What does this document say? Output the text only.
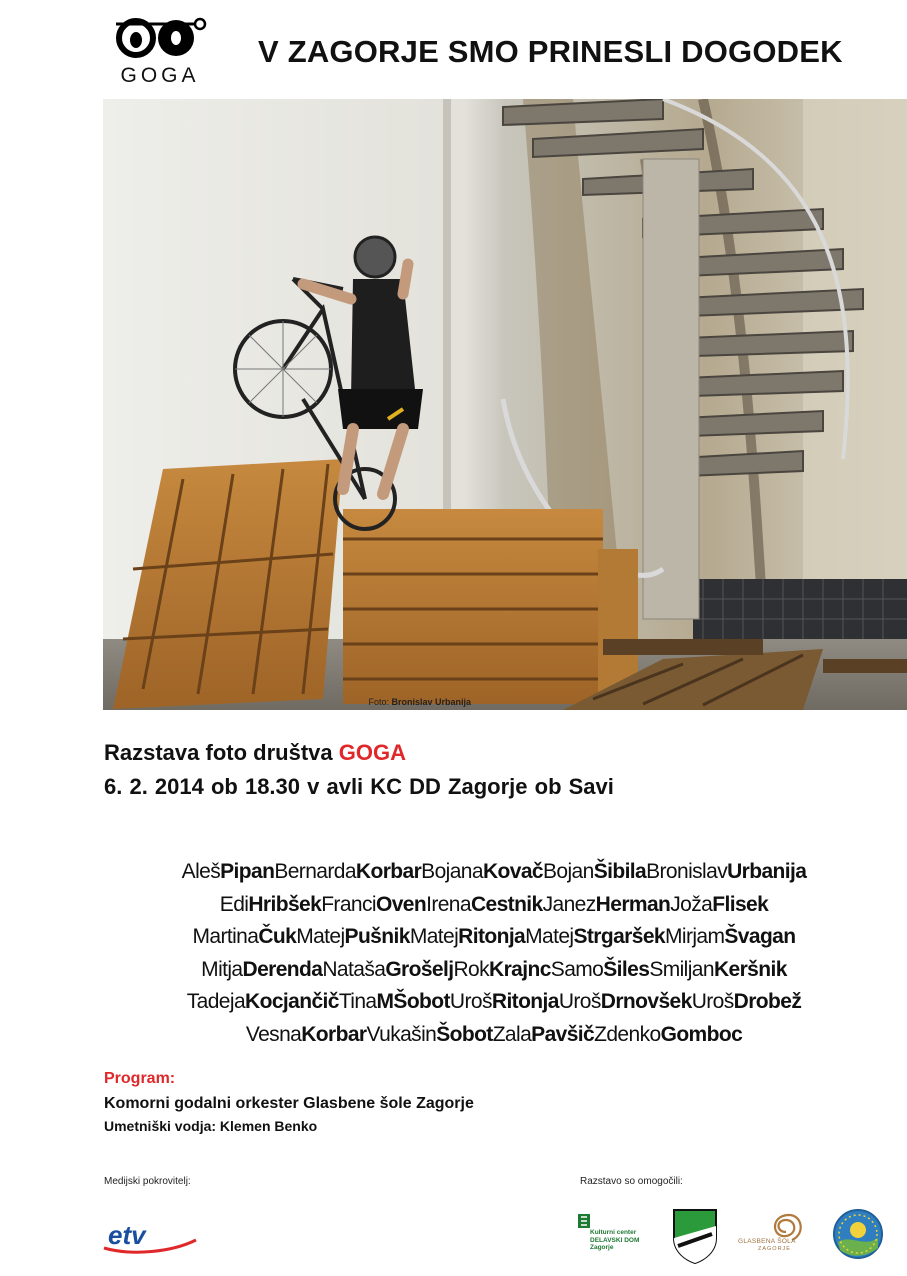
GOGA
V ZAGORJE SMO PRINESLI DOGODEK
Foto: Bronislav Urbanija
Razstava foto društva GOGA
6. 2. 2014 ob 18.30 v avli KC DD Zagorje ob Savi
AlešPipanBernardaKorbarBojanaKovačBojanŠibilaBronislavUrbanija
EdiHribšekFranciOvenIrenaCestnikJanezHermanJožaFlisek
MartinaČukMatejPušnikMatejRitonjaMatejStrgaršekMirjamŠvagan
MitjaDerendaNatašaGrošeljRokKrajncSamoŠilesSmiljanKeršnik
TadejaKocjančičTinaMŠobotUrošRitonjaUrošDrnovšekUrošDrobež
VesnaKorbarVukašinŠobotZalaPavšičZdenkoGomboc
Program:
Komorni godalni orkester Glasbene šole Zagorje
Umetniški vodja: Klemen Benko
Medijski pokrovitelj:	Razstavo so omogočili:
etv	Kulturni center
DELAVSKI DOM
Zagorje
GLASBENA ŠOLA
ZAGORJE
